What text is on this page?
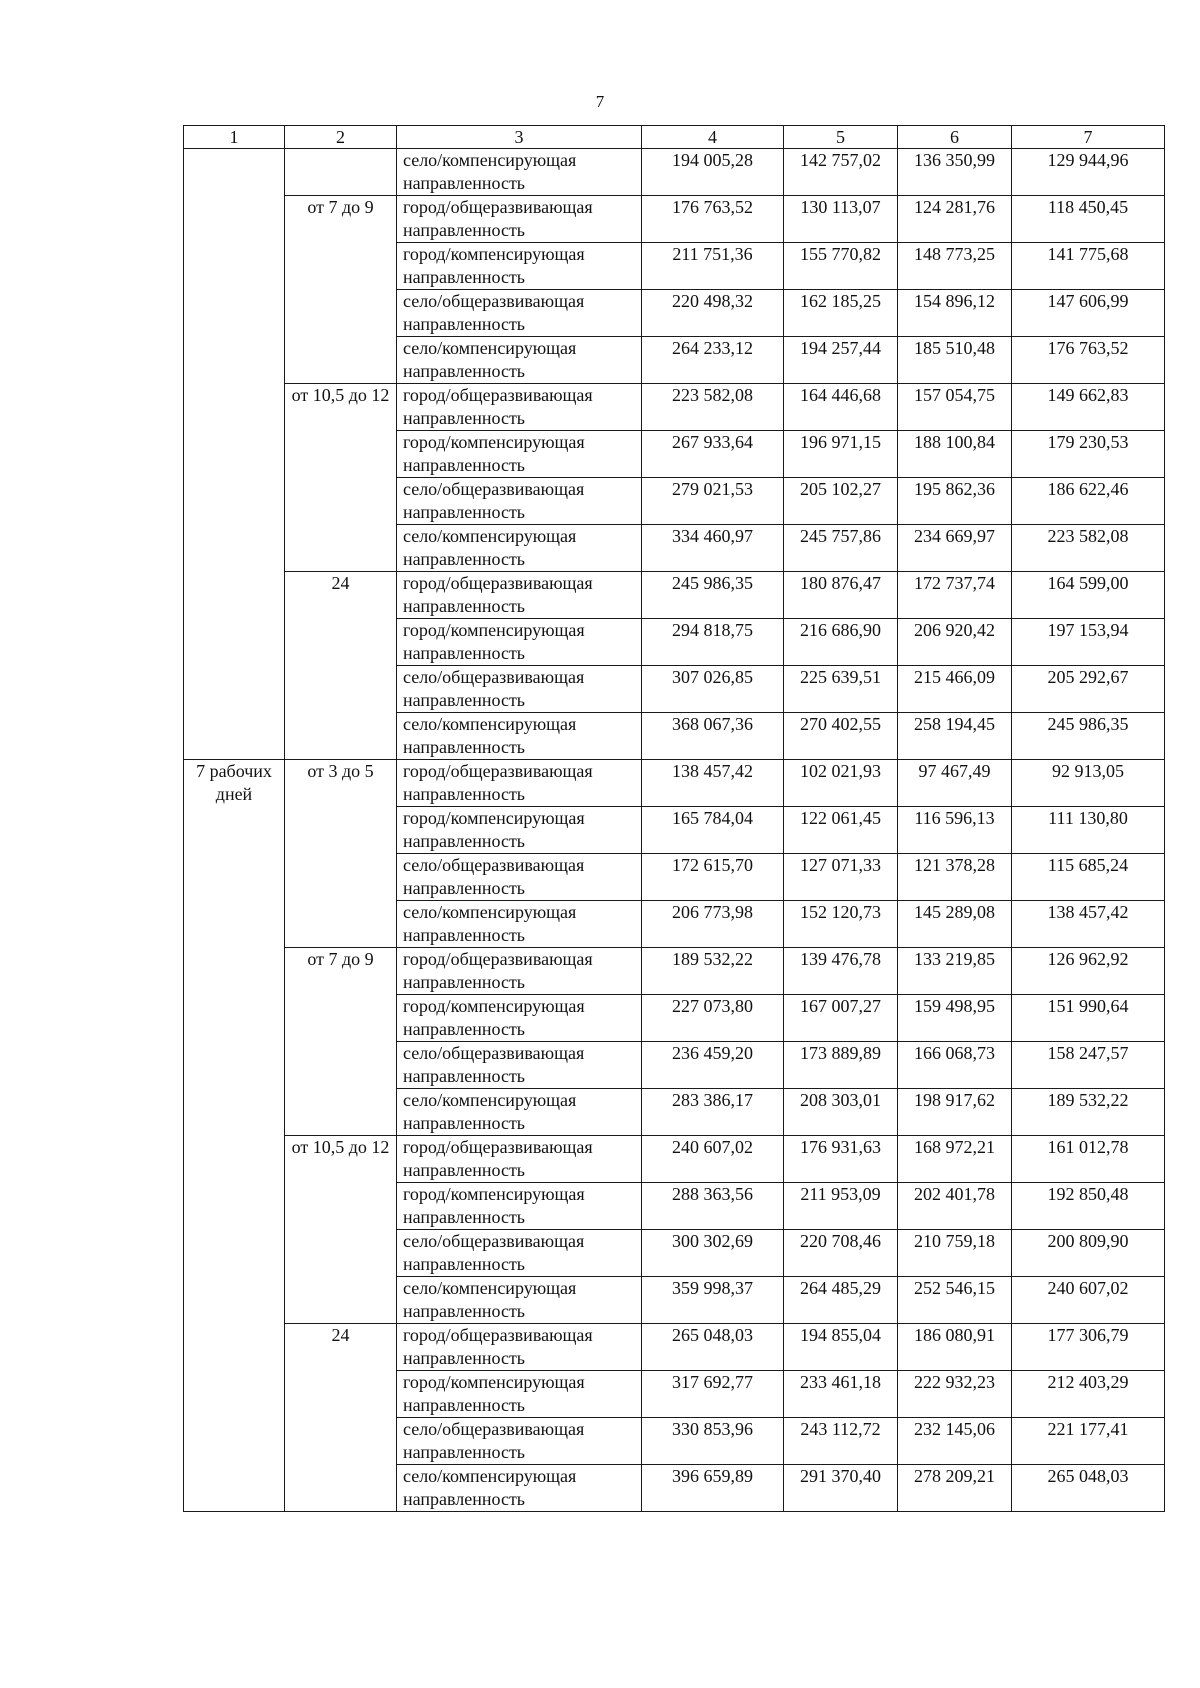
7
1	2	3	4	5	6	7

		село/компенсирующая
направленность	194 005,28	142 757,02	136 350,99	129 944,96
	от 7 до 9	город/общеразвивающая
направленность	176 763,52	130 113,07	124 281,76	118 450,45

		город/компенсирующая
направленность	211 751,36	155 770,82	148 773,25	141 775,68

		село/общеразвивающая
направленность	220 498,32	162 185,25	154 896,12	147 606,99

		село/компенсирующая
направленность	264 233,12	194 257,44	185 510,48	176 763,52
	от 10,5 до 12	город/общеразвивающая
направленность	223 582,08	164 446,68	157 054,75	149 662,83

		город/компенсирующая
направленность	267 933,64	196 971,15	188 100,84	179 230,53

		село/общеразвивающая
направленность	279 021,53	205 102,27	195 862,36	186 622,46

		село/компенсирующая
направленность	334 460,97	245 757,86	234 669,97	223 582,08
	24	город/общеразвивающая
направленность	245 986,35	180 876,47	172 737,74	164 599,00

		город/компенсирующая
направленность	294 818,75	216 686,90	206 920,42	197 153,94

		село/общеразвивающая
направленность	307 026,85	225 639,51	215 466,09	205 292,67

		село/компенсирующая
направленность	368 067,36	270 402,55	258 194,45	245 986,35
7 рабочих дней	от 3 до 5	город/общеразвивающая
направленность	138 457,42	102 021,93	97 467,49	92 913,05

		город/компенсирующая
направленность	165 784,04	122 061,45	116 596,13	111 130,80

		село/общеразвивающая
направленность	172 615,70	127 071,33	121 378,28	115 685,24

		село/компенсирующая
направленность	206 773,98	152 120,73	145 289,08	138 457,42
	от 7 до 9	город/общеразвивающая
направленность	189 532,22	139 476,78	133 219,85	126 962,92

		город/компенсирующая
направленность	227 073,80	167 007,27	159 498,95	151 990,64

		село/общеразвивающая
направленность	236 459,20	173 889,89	166 068,73	158 247,57

		село/компенсирующая
направленность	283 386,17	208 303,01	198 917,62	189 532,22
	от 10,5 до 12	город/общеразвивающая
направленность	240 607,02	176 931,63	168 972,21	161 012,78

		город/компенсирующая
направленность	288 363,56	211 953,09	202 401,78	192 850,48

		село/общеразвивающая
направленность	300 302,69	220 708,46	210 759,18	200 809,90

		село/компенсирующая
направленность	359 998,37	264 485,29	252 546,15	240 607,02
	24	город/общеразвивающая
направленность	265 048,03	194 855,04	186 080,91	177 306,79

		город/компенсирующая
направленность	317 692,77	233 461,18	222 932,23	212 403,29

		село/общеразвивающая
направленность	330 853,96	243 112,72	232 145,06	221 177,41

		село/компенсирующая
направленность	396 659,89	291 370,40	278 209,21	265 048,03
